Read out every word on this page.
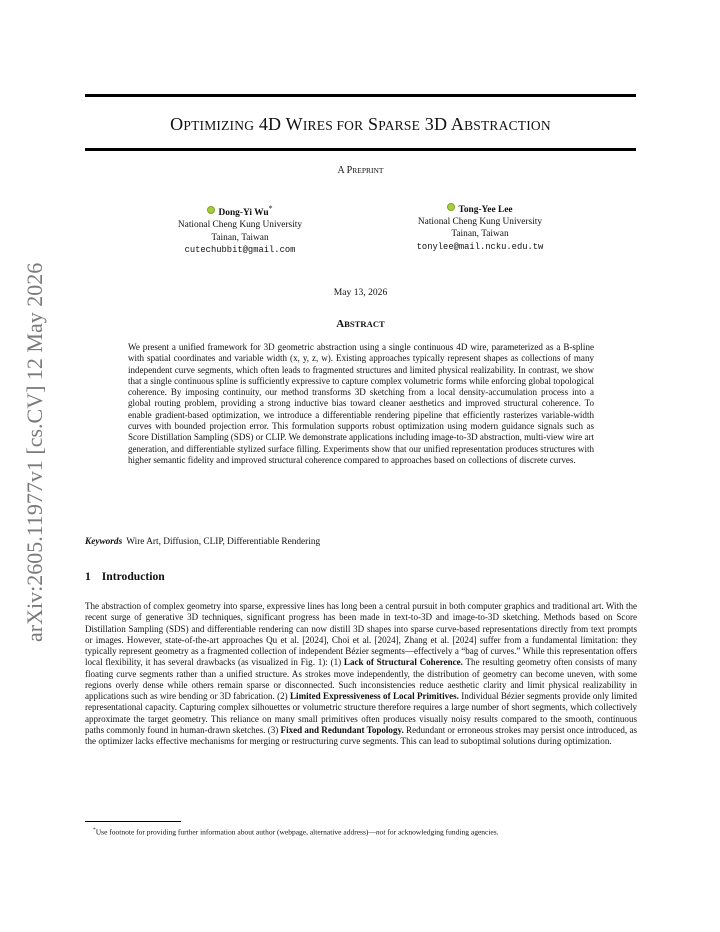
arXiv:2605.11977v1 [cs.CV] 12 May 2026
OPTIMIZING 4D WIRES FOR SPARSE 3D ABSTRACTION
A PREPRINT
Dong-Yi Wu*
National Cheng Kung University
Tainan, Taiwan
cutechubbit@gmail.com
Tong-Yee Lee
National Cheng Kung University
Tainan, Taiwan
tonylee@mail.ncku.edu.tw
May 13, 2026
ABSTRACT

We present a unified framework for 3D geometric abstraction using a single continuous 4D wire, parameterized as a B-spline with spatial coordinates and variable width (x, y, z, w). Existing approaches typically represent shapes as collections of many independent curve segments, which often leads to fragmented structures and limited physical realizability. In contrast, we show that a single continuous spline is sufficiently expressive to capture complex volumetric forms while enforcing global topological coherence. By imposing continuity, our method transforms 3D sketching from a local density-accumulation process into a global routing problem, providing a strong inductive bias toward cleaner aesthetics and improved structural coherence. To enable gradient-based optimization, we introduce a differentiable rendering pipeline that efficiently rasterizes variable-width curves with bounded projection error. This formulation supports robust optimization using modern guidance signals such as Score Distillation Sampling (SDS) or CLIP. We demonstrate applications including image-to-3D abstraction, multi-view wire art generation, and differentiable stylized surface filling. Experiments show that our unified representation produces structures with higher semantic fidelity and improved structural coherence compared to approaches based on collections of discrete curves.

Keywords Wire Art, Diffusion, CLIP, Differentiable Rendering
1 Introduction

The abstraction of complex geometry into sparse, expressive lines has long been a central pursuit in both computer graphics and traditional art. With the recent surge of generative 3D techniques, significant progress has been made in text-to-3D and image-to-3D sketching. Methods based on Score Distillation Sampling (SDS) and differentiable rendering can now distill 3D shapes into sparse curve-based representations directly from text prompts or images. However, state-of-the-art approaches Qu et al. [2024], Choi et al. [2024], Zhang et al. [2024] suffer from a fundamental limitation: they typically represent geometry as a fragmented collection of independent Bézier segments—effectively a “bag of curves.” While this representation offers local flexibility, it has several drawbacks (as visualized in Fig. 1): (1) Lack of Structural Coherence. The resulting geometry often consists of many floating curve segments rather than a unified structure. As strokes move independently, the distribution of geometry can become uneven, with some regions overly dense while others remain sparse or disconnected. Such inconsistencies reduce aesthetic clarity and limit physical realizability in applications such as wire bending or 3D fabrication. (2) Limited Expressiveness of Local Primitives. Individual Bézier segments provide only limited representational capacity. Capturing complex silhouettes or volumetric structure therefore requires a large number of short segments, which collectively approximate the target geometry. This reliance on many small primitives often produces visually noisy results compared to the smooth, continuous paths commonly found in human-drawn sketches. (3) Fixed and Redundant Topology. Redundant or erroneous strokes may persist once introduced, as the optimizer lacks effective mechanisms for merging or restructuring curve segments. This can lead to suboptimal solutions during optimization.

*Use footnote for providing further information about author (webpage, alternative address)—not for acknowledging funding agencies.
